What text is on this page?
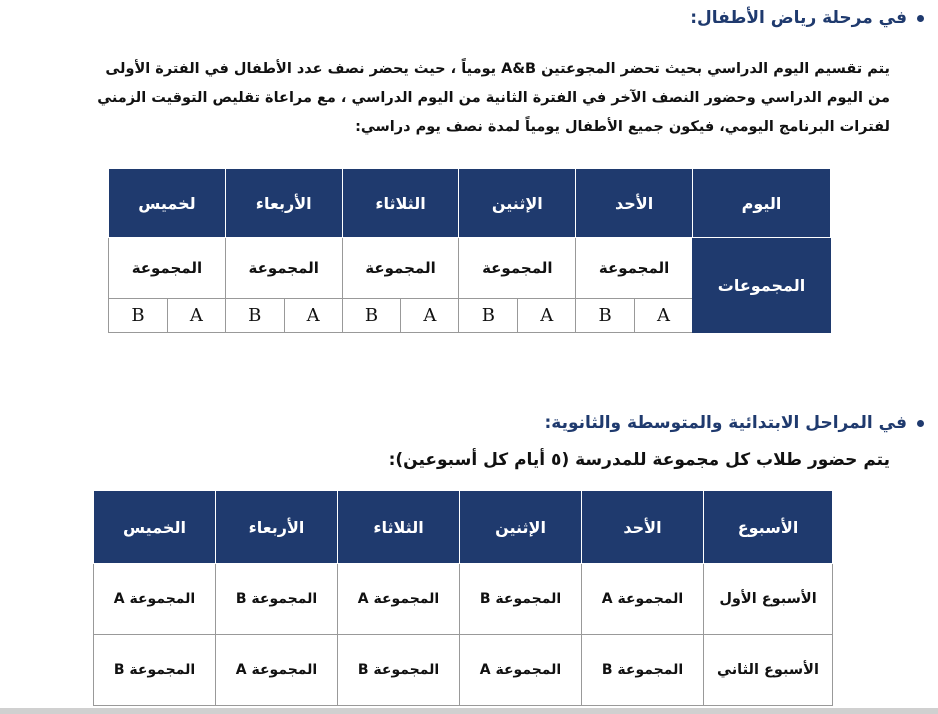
في مرحلة رياض الأطفال:
يتم تقسيم اليوم الدراسي بحيث تحضر المجوعتين A&B يومياً ، حيث يحضر نصف عدد الأطفال في الفترة الأولى
من اليوم الدراسي وحضور النصف الآخر في الفترة الثانية من اليوم الدراسي ، مع مراعاة تقليص التوقيت الزمني
لفترات البرنامج اليومي، فيكون جميع الأطفال يومياً لمدة نصف يوم دراسي:
اليوم	الأحد		الإثنين		الثلاثاء		الأربعاء		لخميس	
المجموعات	المجموعة		المجموعة		المجموعة		المجموعة		المجموعة	
	A	B	A	B	A	B	A	B	A	B
في المراحل الابتدائية والمتوسطة والثانوية:
يتم حضور طلاب كل مجموعة للمدرسة (٥ أيام كل أسبوعين):
الأسبوع	الأحد	الإثنين	الثلاثاء	الأربعاء	الخميس
الأسبوع الأول	المجموعة A	المجموعة B	المجموعة A	المجموعة B	المجموعة A
الأسبوع الثاني	المجموعة B	المجموعة A	المجموعة B	المجموعة A	المجموعة B
